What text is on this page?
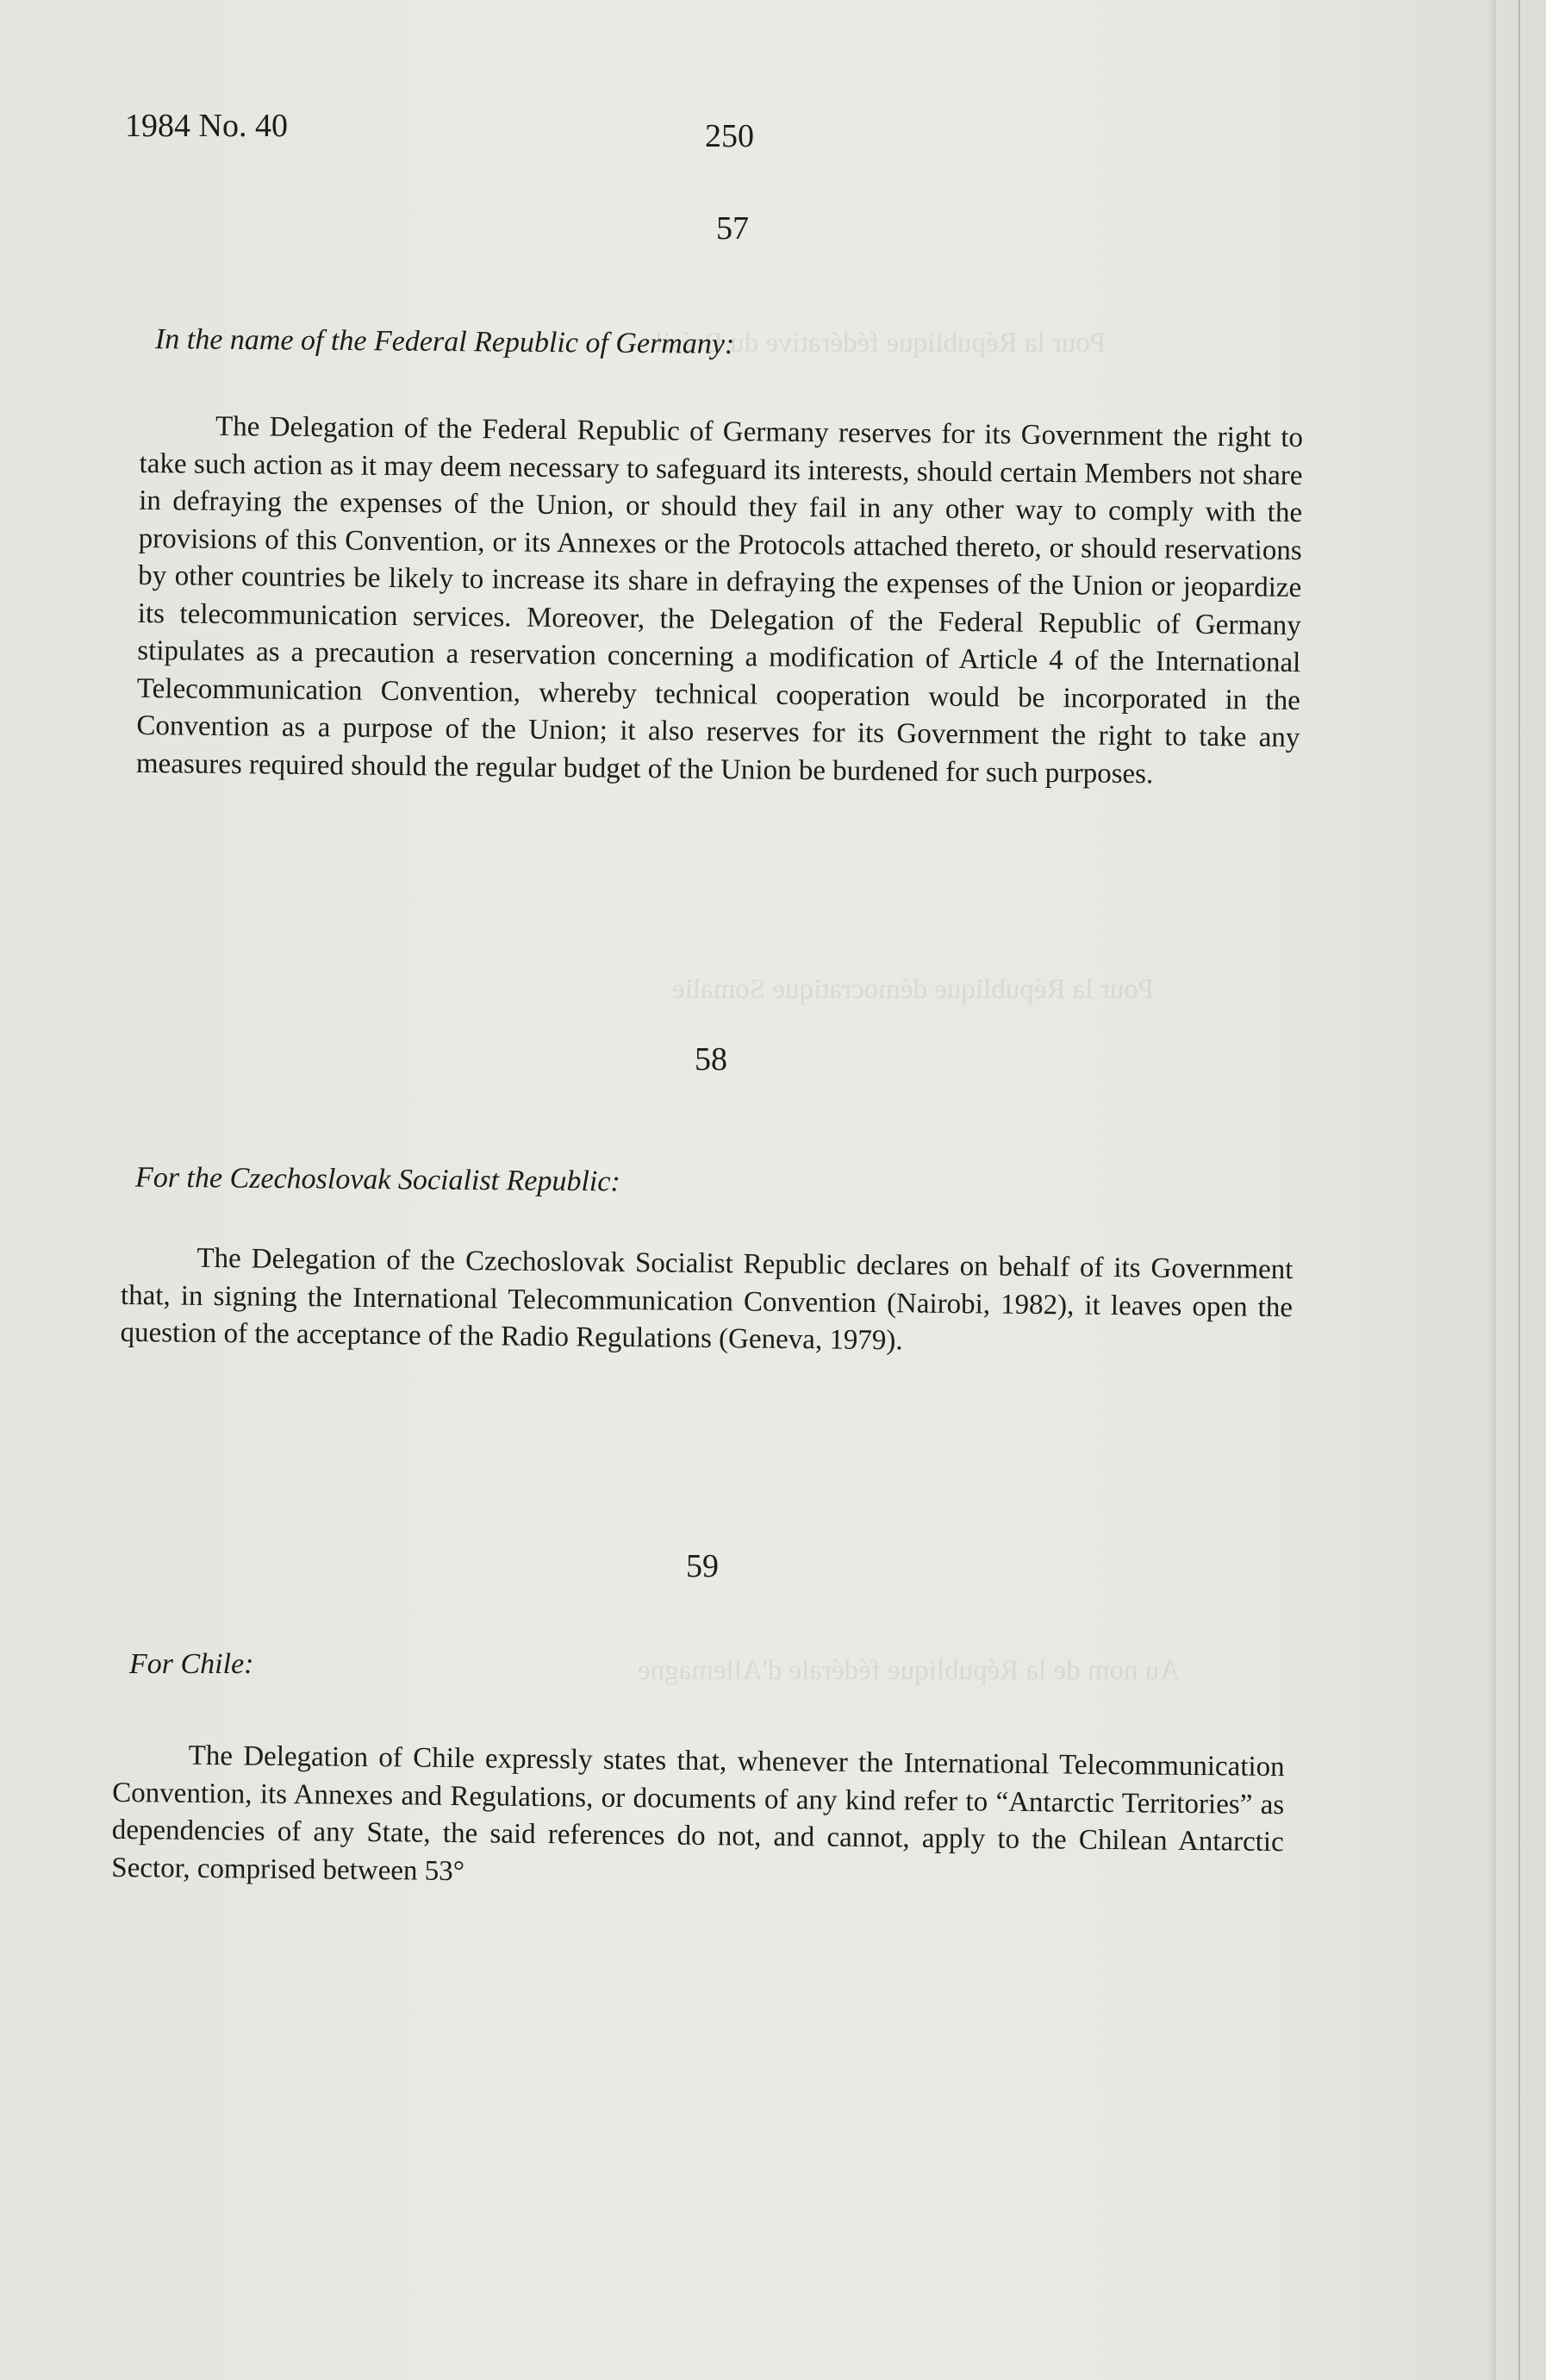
Pour la République fédérative du Brésil
Pour la République démocratique Somalie
Au nom de la République fédérale d'Allemagne
1984 No. 40	250
57
In the name of the Federal Republic of Germany:

The Delegation of the Federal Republic of Germany reserves for its Government the right to take such action as it may deem necessary to safeguard its interests, should certain Members not share in defraying the expenses of the Union, or should they fail in any other way to comply with the provisions of this Convention, or its Annexes or the Protocols attached thereto, or should reservations by other countries be likely to increase its share in defraying the expenses of the Union or jeopardize its telecommunication services. Moreover, the Delegation of the Federal Republic of Germany stipulates as a precaution a reservation concerning a modification of Article 4 of the International Telecommunication Convention, whereby technical cooperation would be incorporated in the Convention as a purpose of the Union; it also reserves for its Government the right to take any measures required should the regular budget of the Union be burdened for such purposes.

58
For the Czechoslovak Socialist Republic:

The Delegation of the Czechoslovak Socialist Republic declares on behalf of its Government that, in signing the International Telecommunication Convention (Nairobi, 1982), it leaves open the question of the acceptance of the Radio Regulations (Geneva, 1979).

59
For Chile:

The Delegation of Chile expressly states that, whenever the International Telecommunication Convention, its Annexes and Regulations, or documents of any kind refer to “Antarctic Territories” as dependencies of any State, the said references do not, and cannot, apply to the Chilean Antarctic Sector, comprised between 53°
